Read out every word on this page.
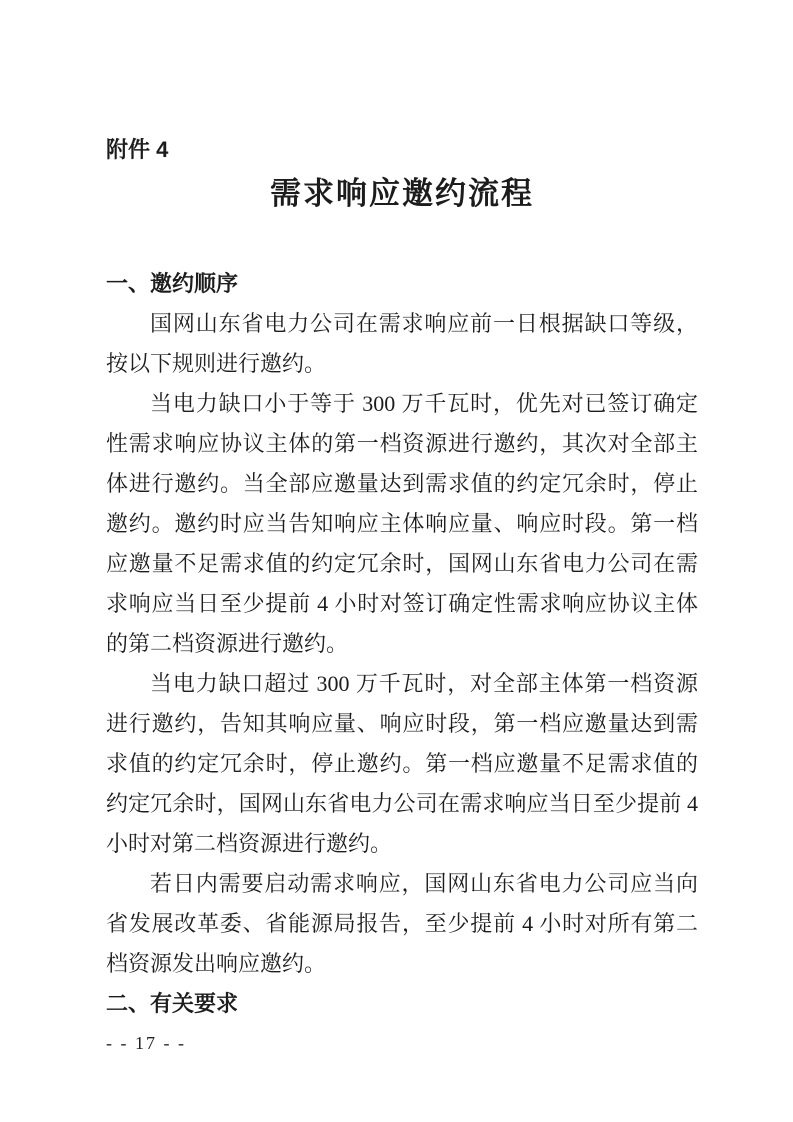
附件 4

需求响应邀约流程
一、邀约顺序

国网山东省电力公司在需求响应前一日根据缺口等级，按以下规则进行邀约。

当电力缺口小于等于 300 万千瓦时，优先对已签订确定性需求响应协议主体的第一档资源进行邀约，其次对全部主体进行邀约。当全部应邀量达到需求值的约定冗余时，停止邀约。邀约时应当告知响应主体响应量、响应时段。第一档应邀量不足需求值的约定冗余时，国网山东省电力公司在需求响应当日至少提前 4 小时对签订确定性需求响应协议主体的第二档资源进行邀约。

当电力缺口超过 300 万千瓦时，对全部主体第一档资源进行邀约，告知其响应量、响应时段，第一档应邀量达到需求值的约定冗余时，停止邀约。第一档应邀量不足需求值的约定冗余时，国网山东省电力公司在需求响应当日至少提前 4 小时对第二档资源进行邀约。

若日内需要启动需求响应，国网山东省电力公司应当向省发展改革委、省能源局报告，至少提前 4 小时对所有第二档资源发出响应邀约。

二、有关要求
- - 17 - -
